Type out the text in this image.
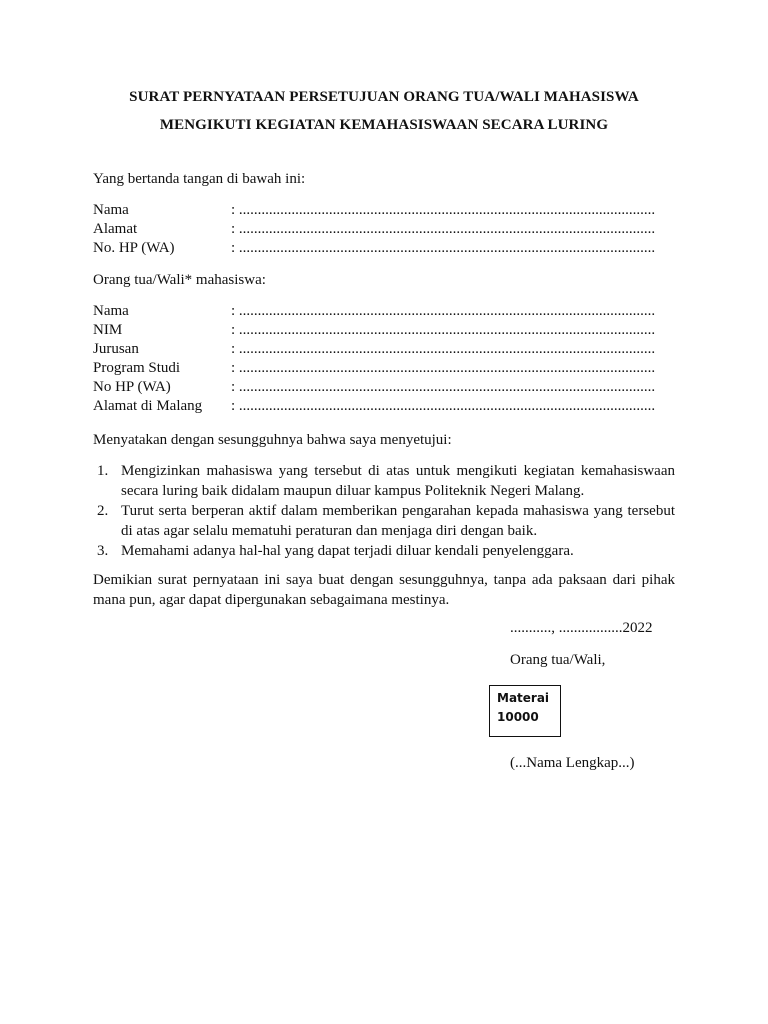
SURAT PERNYATAAN PERSETUJUAN ORANG TUA/WALI MAHASISWA
MENGIKUTI KEGIATAN KEMAHASISWAAN SECARA LURING
Yang bertanda tangan di bawah ini:
Nama	: ...............................................................................................................
Alamat	: ...............................................................................................................
No. HP (WA)	: ...............................................................................................................
Orang tua/Wali* mahasiswa:
Nama	: ...............................................................................................................
NIM	: ...............................................................................................................
Jurusan	: ...............................................................................................................
Program Studi	: ...............................................................................................................
No HP (WA)	: ...............................................................................................................
Alamat di Malang	: ...............................................................................................................
Menyatakan dengan sesungguhnya bahwa saya menyetujui:
1. Mengizinkan mahasiswa yang tersebut di atas untuk mengikuti kegiatan kemahasiswaan secara luring baik didalam maupun diluar kampus Politeknik Negeri Malang.
2. Turut serta berperan aktif dalam memberikan pengarahan kepada mahasiswa yang tersebut di atas agar selalu mematuhi peraturan dan menjaga diri dengan baik.
3. Memahami adanya hal-hal yang dapat terjadi diluar kendali penyelenggara.
Demikian surat pernyataan ini saya buat dengan sesungguhnya, tanpa ada paksaan dari pihak mana pun, agar dapat dipergunakan sebagaimana mestinya.
..........., .................2022
Orang tua/Wali,
Materai
10000
(...Nama Lengkap...)
